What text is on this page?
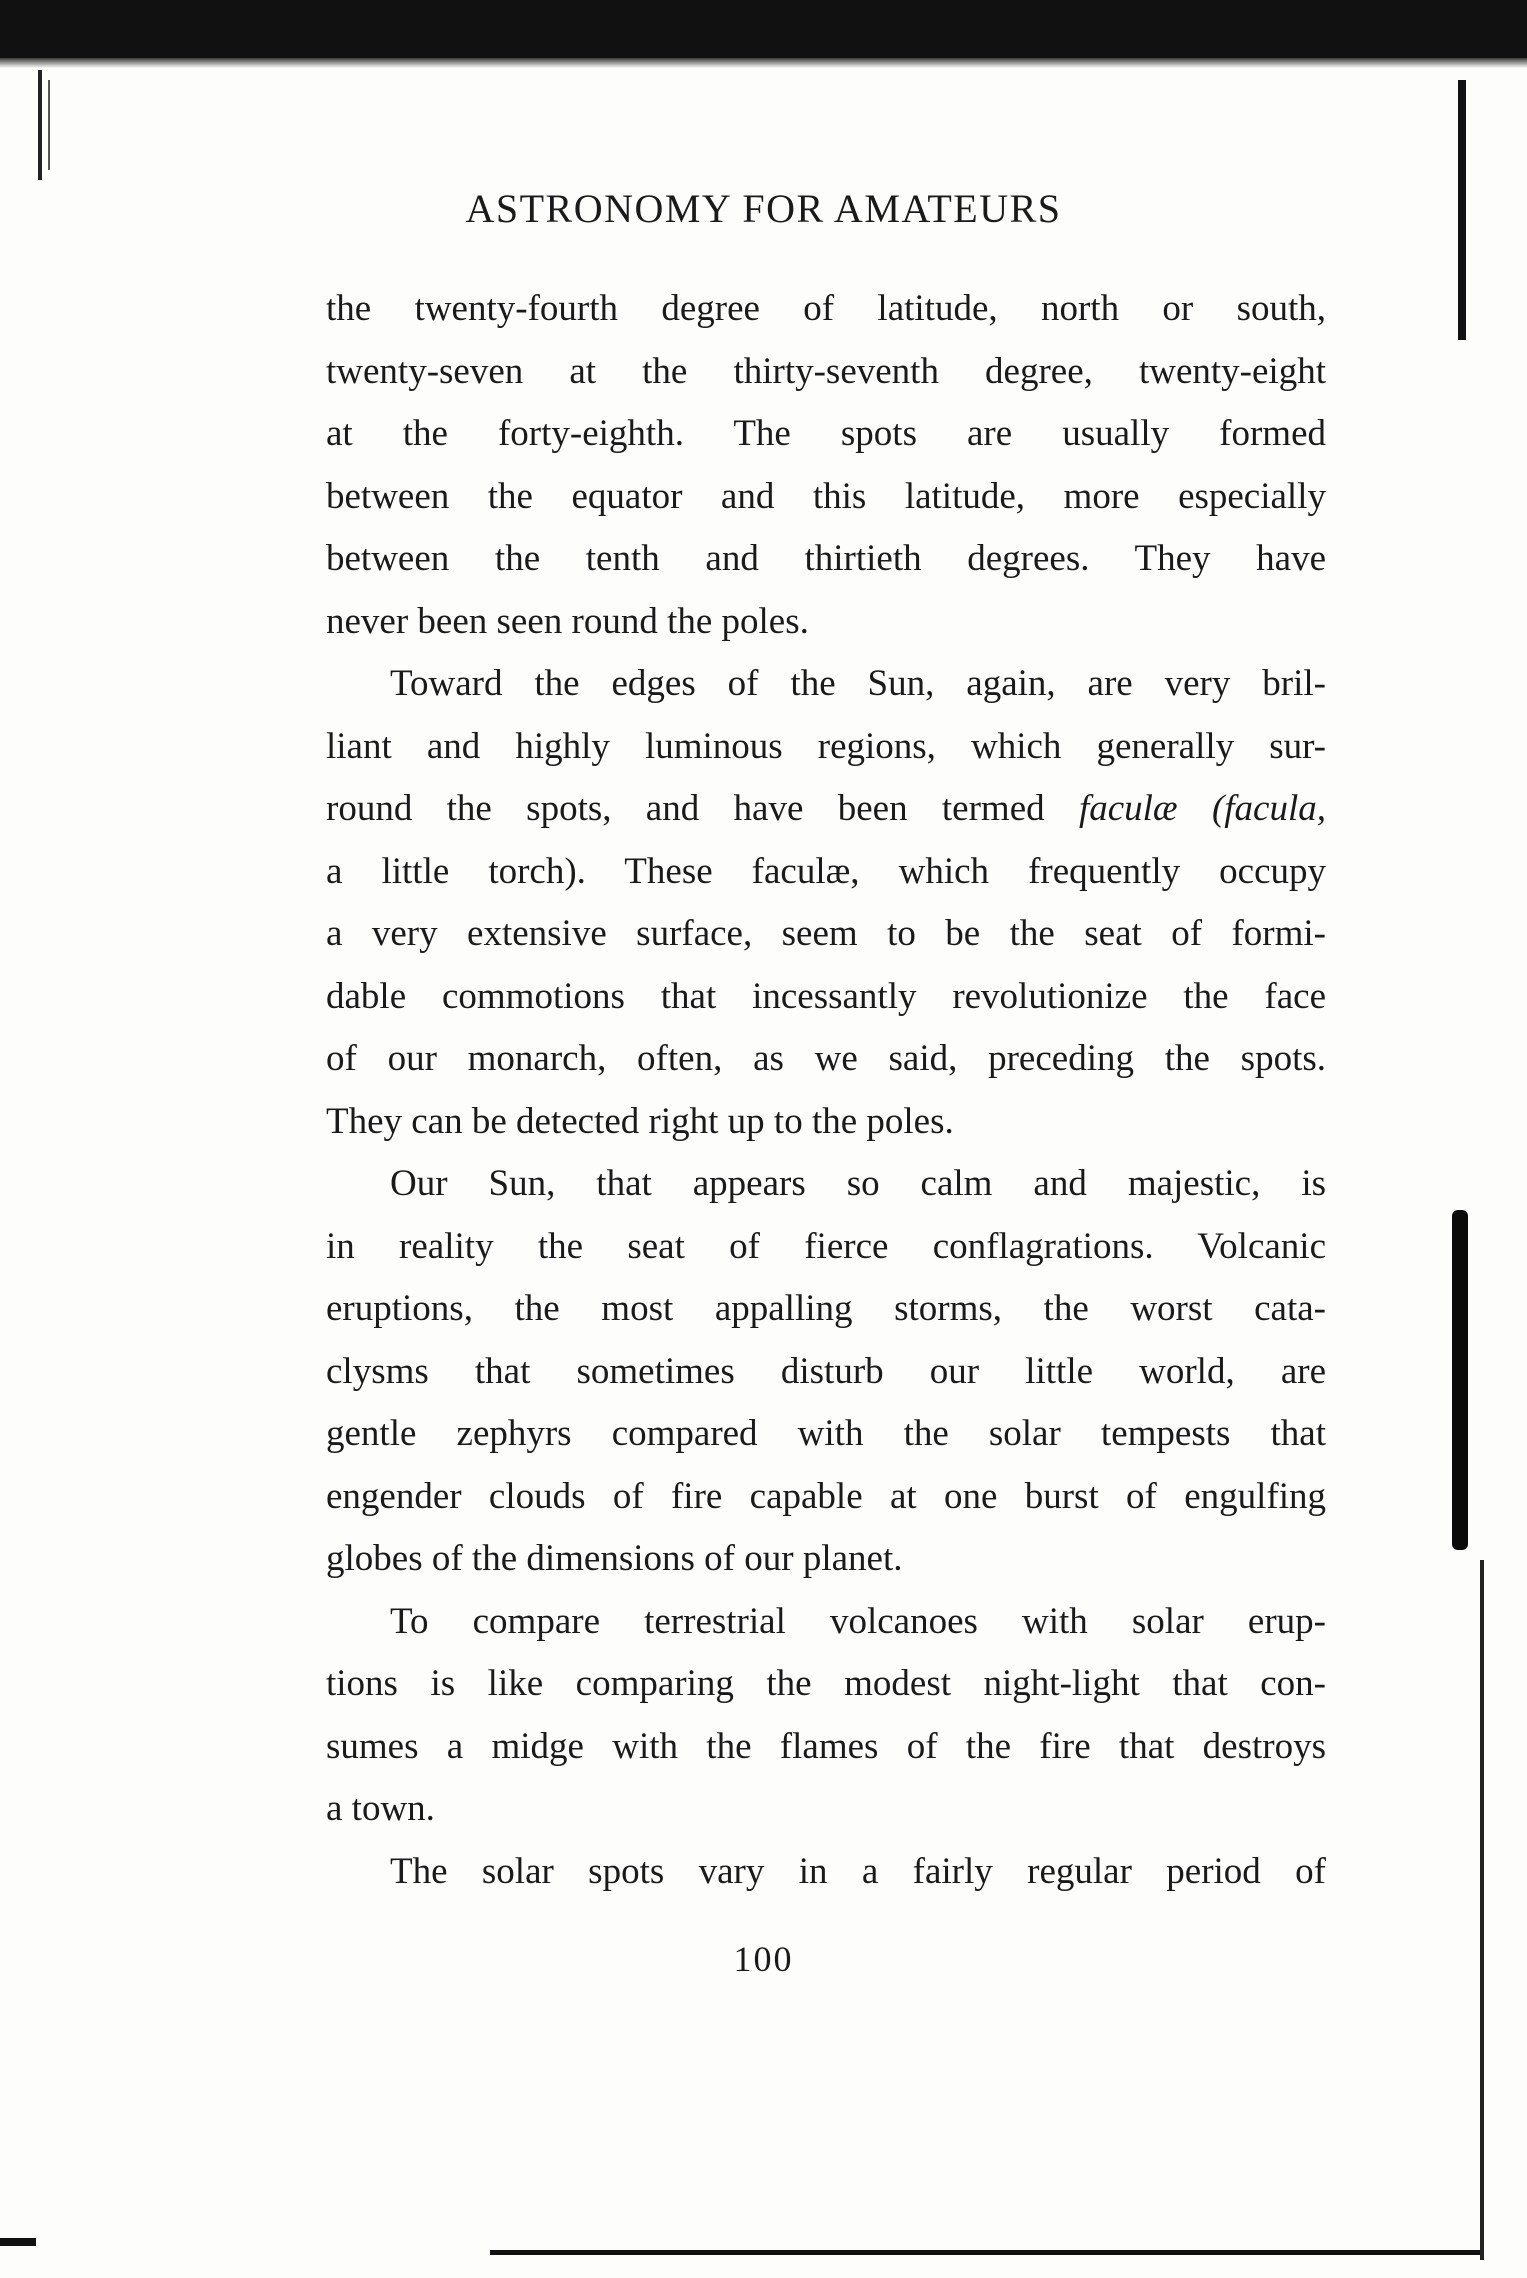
ASTRONOMY FOR AMATEURS
the twenty-fourth degree of latitude, north or south,
twenty-seven at the thirty-seventh degree, twenty-eight
at the forty-eighth. The spots are usually formed
between the equator and this latitude, more especially
between the tenth and thirtieth degrees. They have
never been seen round the poles.
Toward the edges of the Sun, again, are very bril-
liant and highly luminous regions, which generally sur-
round the spots, and have been termed faculæ (facula,
a little torch). These faculæ, which frequently occupy
a very extensive surface, seem to be the seat of formi-
dable commotions that incessantly revolutionize the face
of our monarch, often, as we said, preceding the spots.
They can be detected right up to the poles.
Our Sun, that appears so calm and majestic, is
in reality the seat of fierce conflagrations. Volcanic
eruptions, the most appalling storms, the worst cata-
clysms that sometimes disturb our little world, are
gentle zephyrs compared with the solar tempests that
engender clouds of fire capable at one burst of engulfing
globes of the dimensions of our planet.
To compare terrestrial volcanoes with solar erup-
tions is like comparing the modest night-light that con-
sumes a midge with the flames of the fire that destroys
a town.
The solar spots vary in a fairly regular period of
100
